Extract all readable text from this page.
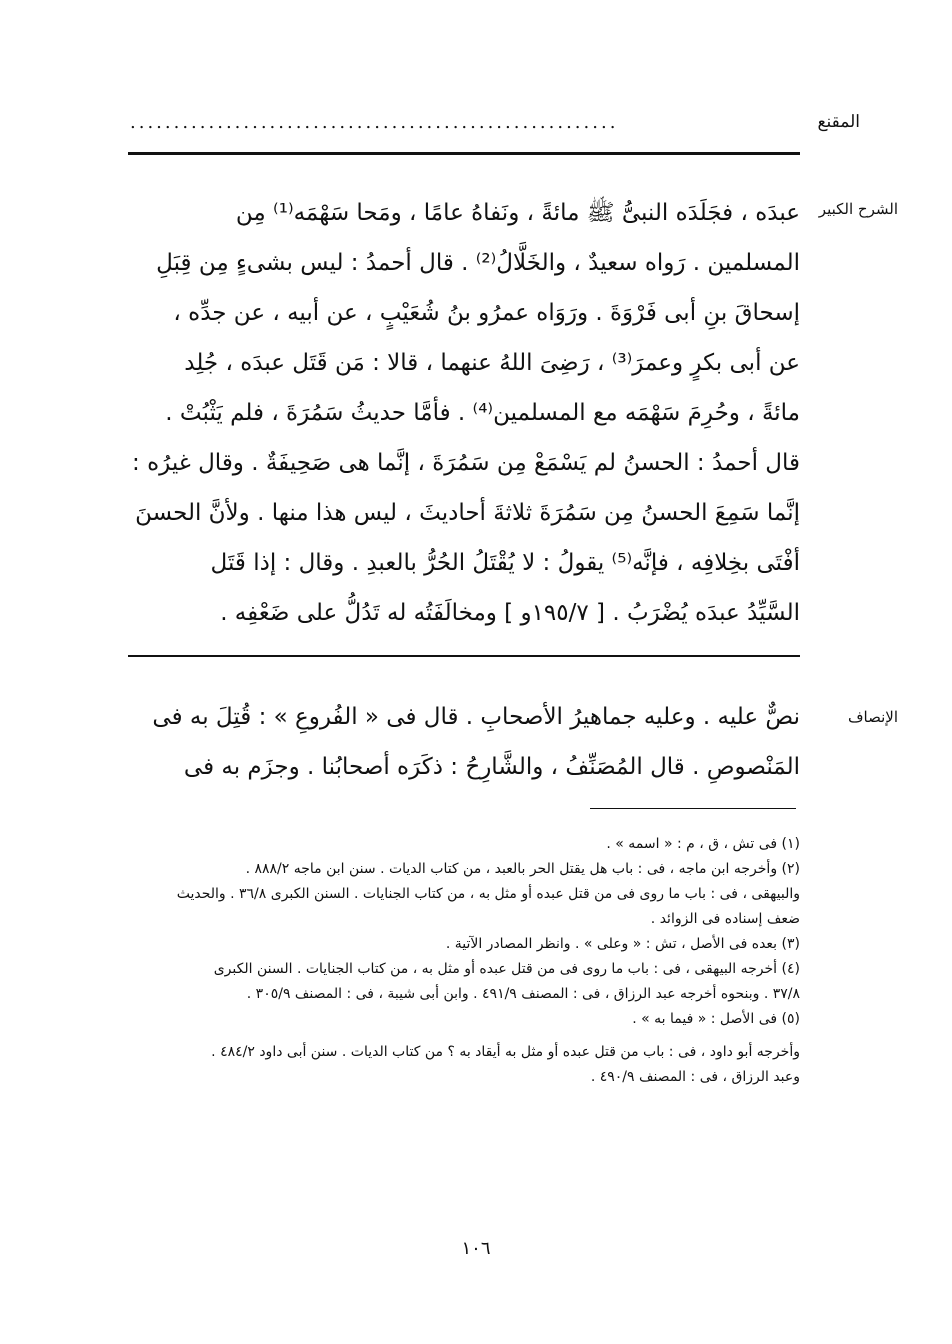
........................................................	المقنع
الشرح الكبير

عبدَه ، فجَلَدَه النبىُّ ﷺ مائةً ، ونَفاهُ عامًا ، ومَحا سَهْمَه⁽¹⁾ مِن

المسلمين . رَواه سعيدٌ ، والخَلَّالُ⁽²⁾ . قال أحمدُ : ليس بشىءٍ مِن قِبَلِ

إسحاقَ بنِ أبى فَرْوَةَ . ورَوَاه عمرُو بنُ شُعَيْبٍ ، عن أبيه ، عن جدِّه ،

عن أبى بكرٍ وعمرَ⁽³⁾ ، رَضِىَ اللهُ عنهما ، قالا : مَن قَتَل عبدَه ، جُلِد

مائةً ، وحُرِمَ سَهْمَه مع المسلمين⁽⁴⁾ . فأمَّا حديثُ سَمُرَةَ ، فلم يَثْبُتْ .

قال أحمدُ : الحسنُ لم يَسْمَعْ مِن سَمُرَةَ ، إنَّما هى صَحِيفَةٌ . وقال غيرُه :

إنَّما سَمِعَ الحسنُ مِن سَمُرَةَ ثلاثةَ أحاديثَ ، ليس هذا منها . ولأنَّ الحسنَ

أفْتَى بخِلافِه ، فإنَّه⁽⁵⁾ يقولُ : لا يُقْتَلُ الحُرُّ بالعبدِ . وقال : إذا قَتَل

السَّيِّدُ عبدَه يُضْرَبُ . [ ١٩٥/٧و ] ومخالَفَتُه له تَدُلُّ على ضَعْفِه .

الإنصاف

نصٌّ عليه . وعليه جماهيرُ الأصحابِ . قال فى « الفُروعِ » : قُتِلَ به فى

المَنْصوصِ . قال المُصَنِّفُ ، والشَّارِحُ : ذكَرَه أصحابُنا . وجزَم به فى

(١) فى تش ، ق ، م : « اسمه » .
(٢) وأخرجه ابن ماجه ، فى : باب هل يقتل الحر بالعبد ، من كتاب الديات . سنن ابن ماجه ٨٨٨/٢ .
والبيهقى ، فى : باب ما روى فى من قتل عبده أو مثل به ، من كتاب الجنايات . السنن الكبرى ٣٦/٨ . والحديث
ضعف إسناده فى الزوائد .
(٣) بعده فى الأصل ، تش : « وعلى » . وانظر المصادر الآتية .
(٤) أخرجه البيهقى ، فى : باب ما روى فى من قتل عبده أو مثل به ، من كتاب الجنايات . السنن الكبرى
٣٧/٨ . وبنحوه أخرجه عبد الرزاق ، فى : المصنف ٤٩١/٩ . وابن أبى شيبة ، فى : المصنف ٣٠٥/٩ .
(٥) فى الأصل : « فيما به » .
وأخرجه أبو داود ، فى : باب من قتل عبده أو مثل به أيقاد به ؟ من كتاب الديات . سنن أبى داود ٤٨٤/٢ .
وعبد الرزاق ، فى : المصنف ٤٩٠/٩ .
١٠٦
